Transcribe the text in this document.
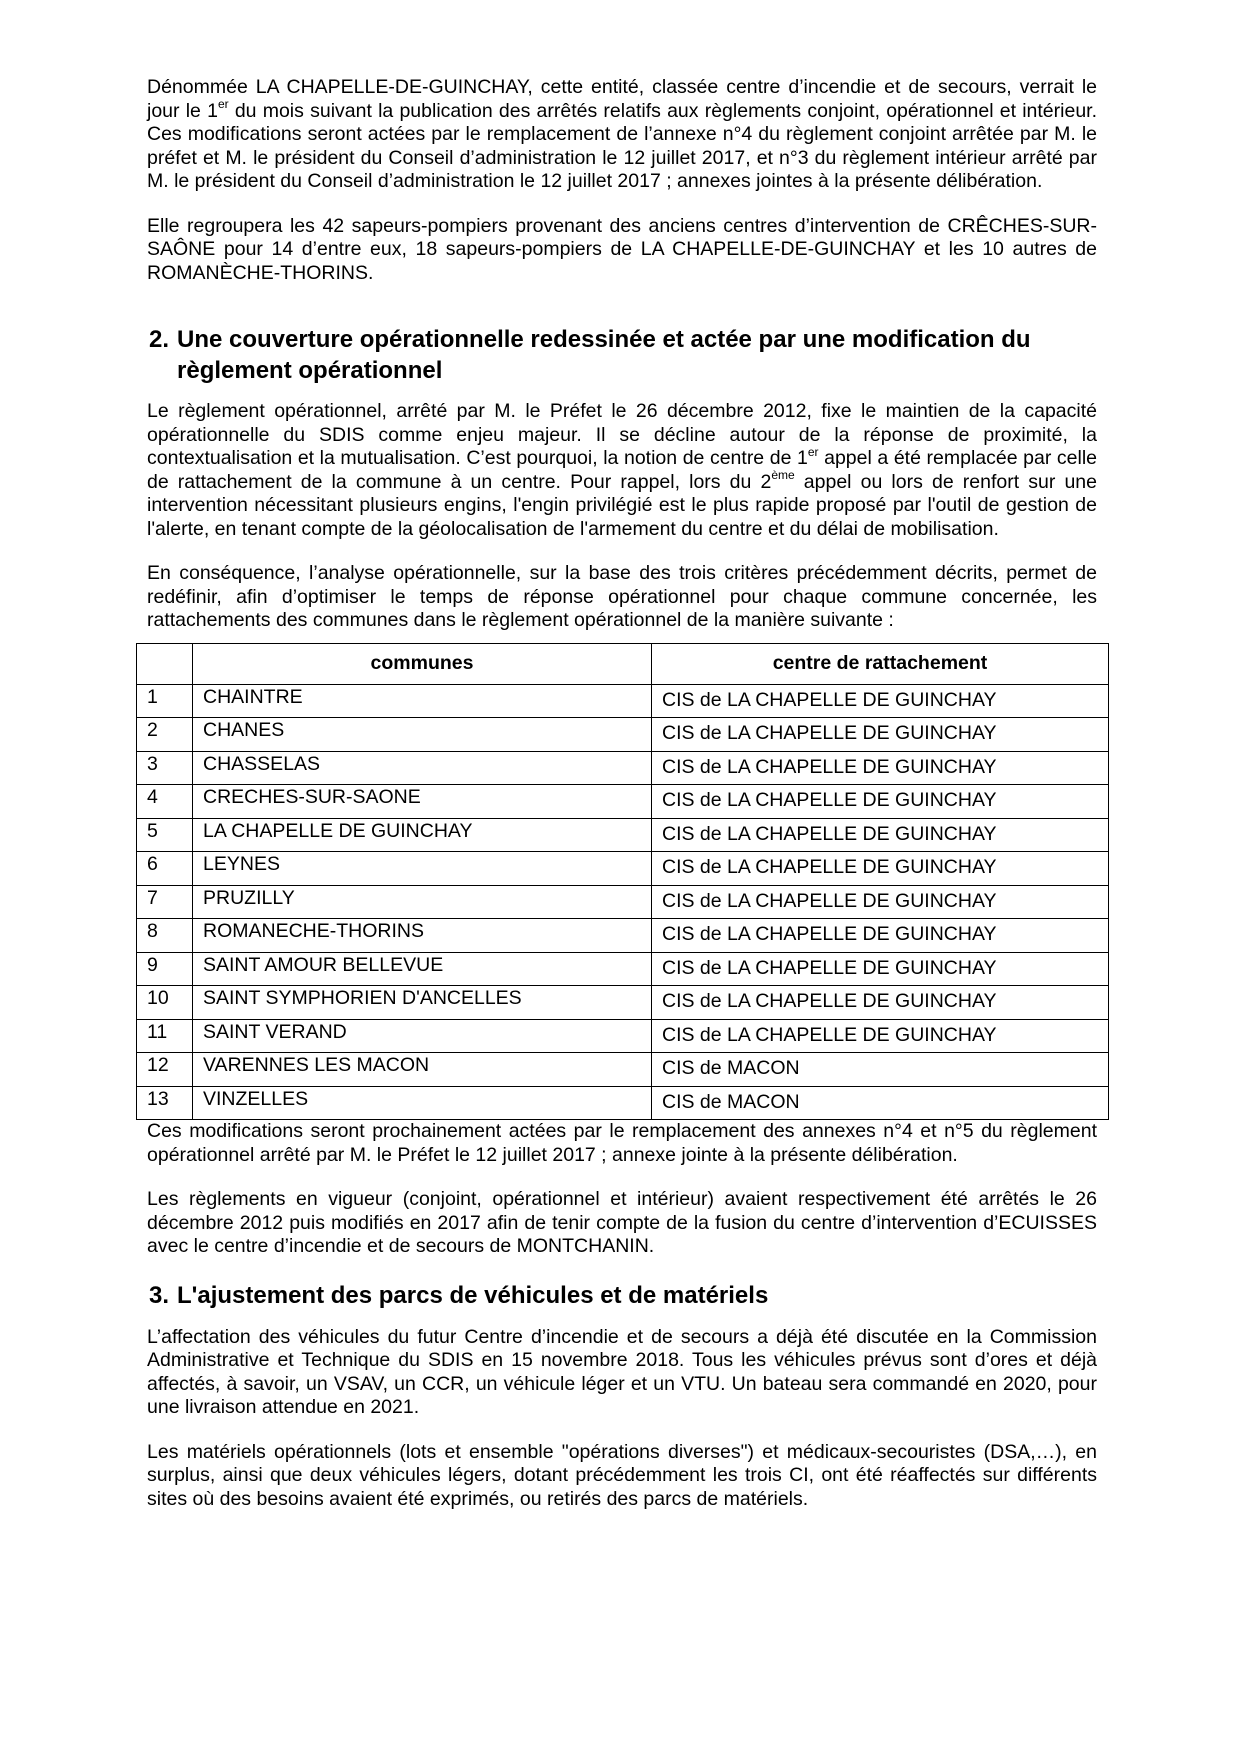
Dénommée LA CHAPELLE-DE-GUINCHAY, cette entité, classée centre d’incendie et de secours, verrait le jour le 1er du mois suivant la publication des arrêtés relatifs aux règlements conjoint, opérationnel et intérieur. Ces modifications seront actées par le remplacement de l’annexe n°4 du règlement conjoint arrêtée par M. le préfet et M. le président du Conseil d’administration le 12 juillet 2017, et n°3 du règlement intérieur arrêté par M. le président du Conseil d’administration le 12 juillet 2017 ; annexes jointes à la présente délibération.

Elle regroupera les 42 sapeurs-pompiers provenant des anciens centres d’intervention de CRÊCHES-SUR-SAÔNE pour 14 d’entre eux, 18 sapeurs-pompiers de LA CHAPELLE-DE-GUINCHAY et les 10 autres de ROMANÈCHE-THORINS.

2. Une couverture opérationnelle redessinée et actée par une modification du règlement opérationnel

Le règlement opérationnel, arrêté par M. le Préfet le 26 décembre 2012, fixe le maintien de la capacité opérationnelle du SDIS comme enjeu majeur. Il se décline autour de la réponse de proximité, la contextualisation et la mutualisation. C’est pourquoi, la notion de centre de 1er appel a été remplacée par celle de rattachement de la commune à un centre. Pour rappel, lors du 2ème appel ou lors de renfort sur une intervention nécessitant plusieurs engins, l'engin privilégié est le plus rapide proposé par l'outil de gestion de l'alerte, en tenant compte de la géolocalisation de l'armement du centre et du délai de mobilisation.

En conséquence, l’analyse opérationnelle, sur la base des trois critères précédemment décrits, permet de redéfinir, afin d’optimiser le temps de réponse opérationnel pour chaque commune concernée, les rattachements des communes dans le règlement opérationnel de la manière suivante :

	communes	centre de rattachement
1	CHAINTRE	CIS de LA CHAPELLE DE GUINCHAY
2	CHANES	CIS de LA CHAPELLE DE GUINCHAY
3	CHASSELAS	CIS de LA CHAPELLE DE GUINCHAY
4	CRECHES-SUR-SAONE	CIS de LA CHAPELLE DE GUINCHAY
5	LA CHAPELLE DE GUINCHAY	CIS de LA CHAPELLE DE GUINCHAY
6	LEYNES	CIS de LA CHAPELLE DE GUINCHAY
7	PRUZILLY	CIS de LA CHAPELLE DE GUINCHAY
8	ROMANECHE-THORINS	CIS de LA CHAPELLE DE GUINCHAY
9	SAINT AMOUR BELLEVUE	CIS de LA CHAPELLE DE GUINCHAY
10	SAINT SYMPHORIEN D'ANCELLES	CIS de LA CHAPELLE DE GUINCHAY
11	SAINT VERAND	CIS de LA CHAPELLE DE GUINCHAY
12	VARENNES LES MACON	CIS de MACON
13	VINZELLES	CIS de MACON

Ces modifications seront prochainement actées par le remplacement des annexes n°4 et n°5 du règlement opérationnel arrêté par M. le Préfet le 12 juillet 2017 ; annexe jointe à la présente délibération.

Les règlements en vigueur (conjoint, opérationnel et intérieur) avaient respectivement été arrêtés le 26 décembre 2012 puis modifiés en 2017 afin de tenir compte de la fusion du centre d’intervention d’ECUISSES avec le centre d’incendie et de secours de MONTCHANIN.

3. L'ajustement des parcs de véhicules et de matériels

L’affectation des véhicules du futur Centre d’incendie et de secours a déjà été discutée en la Commission Administrative et Technique du SDIS en 15 novembre 2018. Tous les véhicules prévus sont d’ores et déjà affectés, à savoir, un VSAV, un CCR, un véhicule léger et un VTU. Un bateau sera commandé en 2020, pour une livraison attendue en 2021.

Les matériels opérationnels (lots et ensemble "opérations diverses") et médicaux-secouristes (DSA,…), en surplus, ainsi que deux véhicules légers, dotant précédemment les trois CI, ont été réaffectés sur différents sites où des besoins avaient été exprimés, ou retirés des parcs de matériels.
